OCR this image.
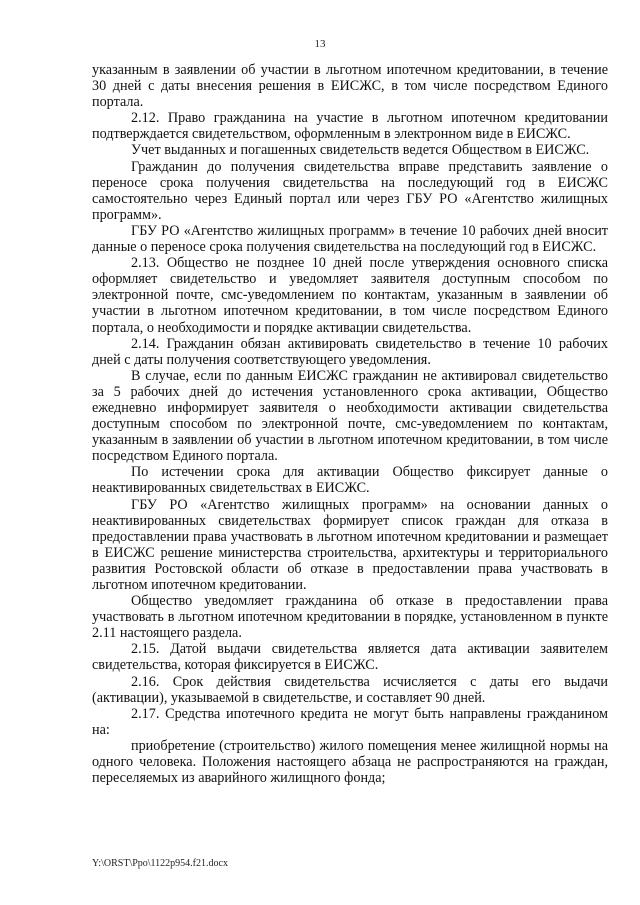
13

указанным в заявлении об участии в льготном ипотечном кредитовании, в течение 30 дней с даты внесения решения в ЕИСЖС, в том числе посредством Единого портала.

2.12. Право гражданина на участие в льготном ипотечном кредитовании подтверждается свидетельством, оформленным в электронном виде в ЕИСЖС.

Учет выданных и погашенных свидетельств ведется Обществом в ЕИСЖС.

Гражданин до получения свидетельства вправе представить заявление о переносе срока получения свидетельства на последующий год в ЕИСЖС самостоятельно через Единый портал или через ГБУ РО «Агентство жилищных программ».

ГБУ РО «Агентство жилищных программ» в течение 10 рабочих дней вносит данные о переносе срока получения свидетельства на последующий год в ЕИСЖС.

2.13. Общество не позднее 10 дней после утверждения основного списка оформляет свидетельство и уведомляет заявителя доступным способом по электронной почте, смс-уведомлением по контактам, указанным в заявлении об участии в льготном ипотечном кредитовании, в том числе посредством Единого портала, о необходимости и порядке активации свидетельства.

2.14. Гражданин обязан активировать свидетельство в течение 10 рабочих дней с даты получения соответствующего уведомления.

В случае, если по данным ЕИСЖС гражданин не активировал свидетельство за 5 рабочих дней до истечения установленного срока активации, Общество ежедневно информирует заявителя о необходимости активации свидетельства доступным способом по электронной почте, смс-уведомлением по контактам, указанным в заявлении об участии в льготном ипотечном кредитовании, в том числе посредством Единого портала.

По истечении срока для активации Общество фиксирует данные о неактивированных свидетельствах в ЕИСЖС.

ГБУ РО «Агентство жилищных программ» на основании данных о неактивированных свидетельствах формирует список граждан для отказа в предоставлении права участвовать в льготном ипотечном кредитовании и размещает в ЕИСЖС решение министерства строительства, архитектуры и территориального развития Ростовской области об отказе в предоставлении права участвовать в льготном ипотечном кредитовании.

Общество уведомляет гражданина об отказе в предоставлении права участвовать в льготном ипотечном кредитовании в порядке, установленном в пункте 2.11 настоящего раздела.

2.15. Датой выдачи свидетельства является дата активации заявителем свидетельства, которая фиксируется в ЕИСЖС.

2.16. Срок действия свидетельства исчисляется с даты его выдачи (активации), указываемой в свидетельстве, и составляет 90 дней.

2.17. Средства ипотечного кредита не могут быть направлены гражданином на:

приобретение (строительство) жилого помещения менее жилищной нормы на одного человека. Положения настоящего абзаца не распространяются на граждан, переселяемых из аварийного жилищного фонда;

Y:\ORST\Ppo\1122p954.f21.docx
